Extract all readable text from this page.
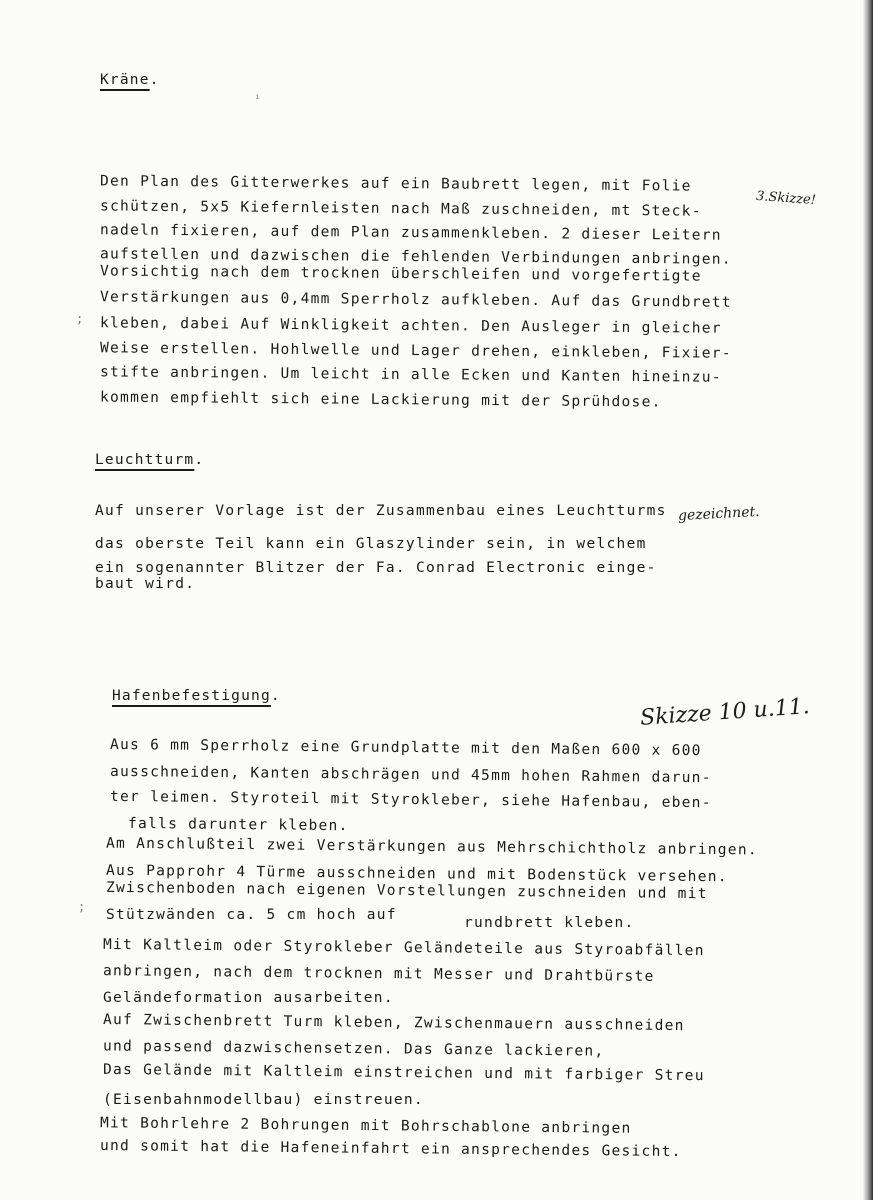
Kräne.
ⁱ
3.Skizze!
Den Plan des Gitterwerkes auf ein Baubrett legen, mit Folie
schützen, 5x5 Kiefernleisten nach Maß zuschneiden, mt Steck-
nadeln fixieren, auf dem Plan zusammenkleben. 2 dieser Leitern
aufstellen und dazwischen die fehlenden Verbindungen anbringen.
Vorsichtig nach dem trocknen überschleifen und vorgefertigte
Verstärkungen aus 0,4mm Sperrholz aufkleben. Auf das Grundbrett
kleben, dabei Auf Winkligkeit achten. Den Ausleger in gleicher
Weise erstellen. Hohlwelle und Lager drehen, einkleben, Fixier-
stifte anbringen. Um leicht in alle Ecken und Kanten hineinzu-
kommen empfiehlt sich eine Lackierung mit der Sprühdose.
;
Leuchtturm.
Auf unserer Vorlage ist der Zusammenbau eines Leuchtturms gezeichnet.
das oberste Teil kann ein Glaszylinder sein, in welchem
ein sogenannter Blitzer der Fa. Conrad Electronic einge-
baut wird.
Hafenbefestigung.	Skizze 10 u.11.
Aus 6 mm Sperrholz eine Grundplatte mit den Maßen 600 x 600
ausschneiden, Kanten abschrägen und 45mm hohen Rahmen darun-
ter leimen. Styroteil mit Styrokleber, siehe Hafenbau, eben-
falls darunter kleben.
Am Anschlußteil zwei Verstärkungen aus Mehrschichtholz anbringen.
Aus Papprohr 4 Türme ausschneiden und mit Bodenstück versehen.
Zwischenboden nach eigenen Vorstellungen zuschneiden und mit
Stützwänden ca. 5 cm hoch auf	rundbrett kleben.
;
Mit Kaltleim oder Styrokleber Geländeteile aus Styroabfällen
anbringen, nach dem trocknen mit Messer und Drahtbürste
Geländeformation ausarbeiten.
Auf Zwischenbrett Turm kleben, Zwischenmauern ausschneiden
und passend dazwischensetzen. Das Ganze lackieren,
Das Gelände mit Kaltleim einstreichen und mit farbiger Streu
(Eisenbahnmodellbau) einstreuen.
Mit Bohrlehre 2 Bohrungen mit Bohrschablone anbringen
und somit hat die Hafeneinfahrt ein ansprechendes Gesicht.
